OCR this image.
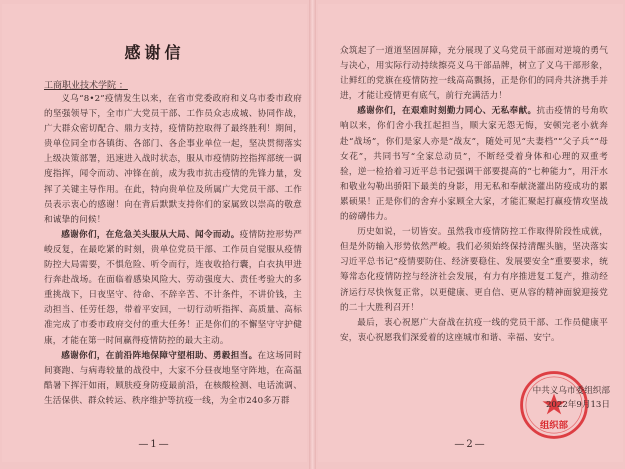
感谢信
工商职业技术学院 ：

义乌“8•2”疫情发生以来，在省市党委政府和义乌市委市政府的坚强领导下，全市广大党员干部、工作员众志成城、协同作战，广大群众密切配合、鼎力支持，疫情防控取得了最终胜利！期间，贵单位同全市各镇街、各部门、各企事业单位一起，坚决贯彻落实上级决策部署，迅速进入战时状态，服从市疫情防控指挥部统一调度指挥，闻令而动、冲锋在前，成为我市抗击疫情的先锋力量，发挥了关键主导作用。在此，特向贵单位及所属广大党员干部、工作员表示衷心的感谢！向在背后默默支持你们的家属致以崇高的敬意和诚挚的问候！

感谢你们，在危急关头服从大局、闻令而动。疫情防控形势严峻反复，在最吃紧的时刻，贵单位党员干部、工作员自觉服从疫情防控大局需要，不惧危险、听令而行，连夜收拾行囊，白衣执甲进行奔赴战场。在面临着感染风险大、劳动强度大、责任考验大的多重挑战下，日夜坚守、待命、不辞辛苦、不计条件，不讲价钱，主动担当、任劳任怨，带着平安回，一切行动听指挥、高质量、高标准完成了市委市政府交付的重大任务！正是你们的不懈坚守守护健康，才能在第一时间赢得疫情防控的最大主动。

感谢你们，在前沿阵地保障守望相助、勇毅担当。在这场同时间赛跑、与病毒较量的战役中，大家不分昼夜地坚守阵地，在高温酷暑下挥汗如雨，顾肤疫身防疫最前沿，在核酸检测、电话流调、生活保供、群众转运、秩序维护等抗疫一线，为全市240多万群

—1—

众筑起了一道道坚固屏障，充分展现了义乌党员干部面对逆境的勇气与决心，用实际行动持续擦亮义乌干部品牌，树立了义乌干部形象，让鲜红的党旗在疫情防控一线高高飘扬，正是你们的同舟共济携手并进，才能让疫情更有底气，前行充满活力！

感谢你们，在艰难时刻勤力同心、无私奉献。抗击疫情的号角吹响以来，你们舍小我扛起担当，顺大家无怨无悔，安顿完老小就奔赴“战场”，你们是家人亦是“战友”，随处可见“夫妻档”“父子兵”“母女花”，共同书写“全家总动员”，不断经受着身体和心理的双重考验，逆一检拾着习近平总书记强调干部要提高的“七种能力”，用汗水和敬业勾勒出骄阳下最美的身影，用无私和奉献浇灌出防疫成功的累累硕果！正是你们的舍弃小家顾全大家，才能汇聚起打赢疫情攻坚战的磅礴伟力。

历史如说，一切皆安。虽然我市疫情防控工作取得阶段性成就，但是外防输入形势依然严峻。我们必须始终保持清醒头脑，坚决落实习近平总书记“疫情要防住、经济要稳住、发展要安全”重要要求，统筹常态化疫情防控与经济社会发展，有力有序推进复工复产，推动经济运行尽快恢复正常，以更健康、更自信、更从容的精神面貌迎接党的二十大胜利召开！

最后，衷心祝愿广大奋战在抗疫一线的党员干部、工作员健康平安，衷心祝愿我们深爱着的这座城市和谐、幸福、安宁。

组织部
中共义乌市委组织部
2022年9月13日
—2—
